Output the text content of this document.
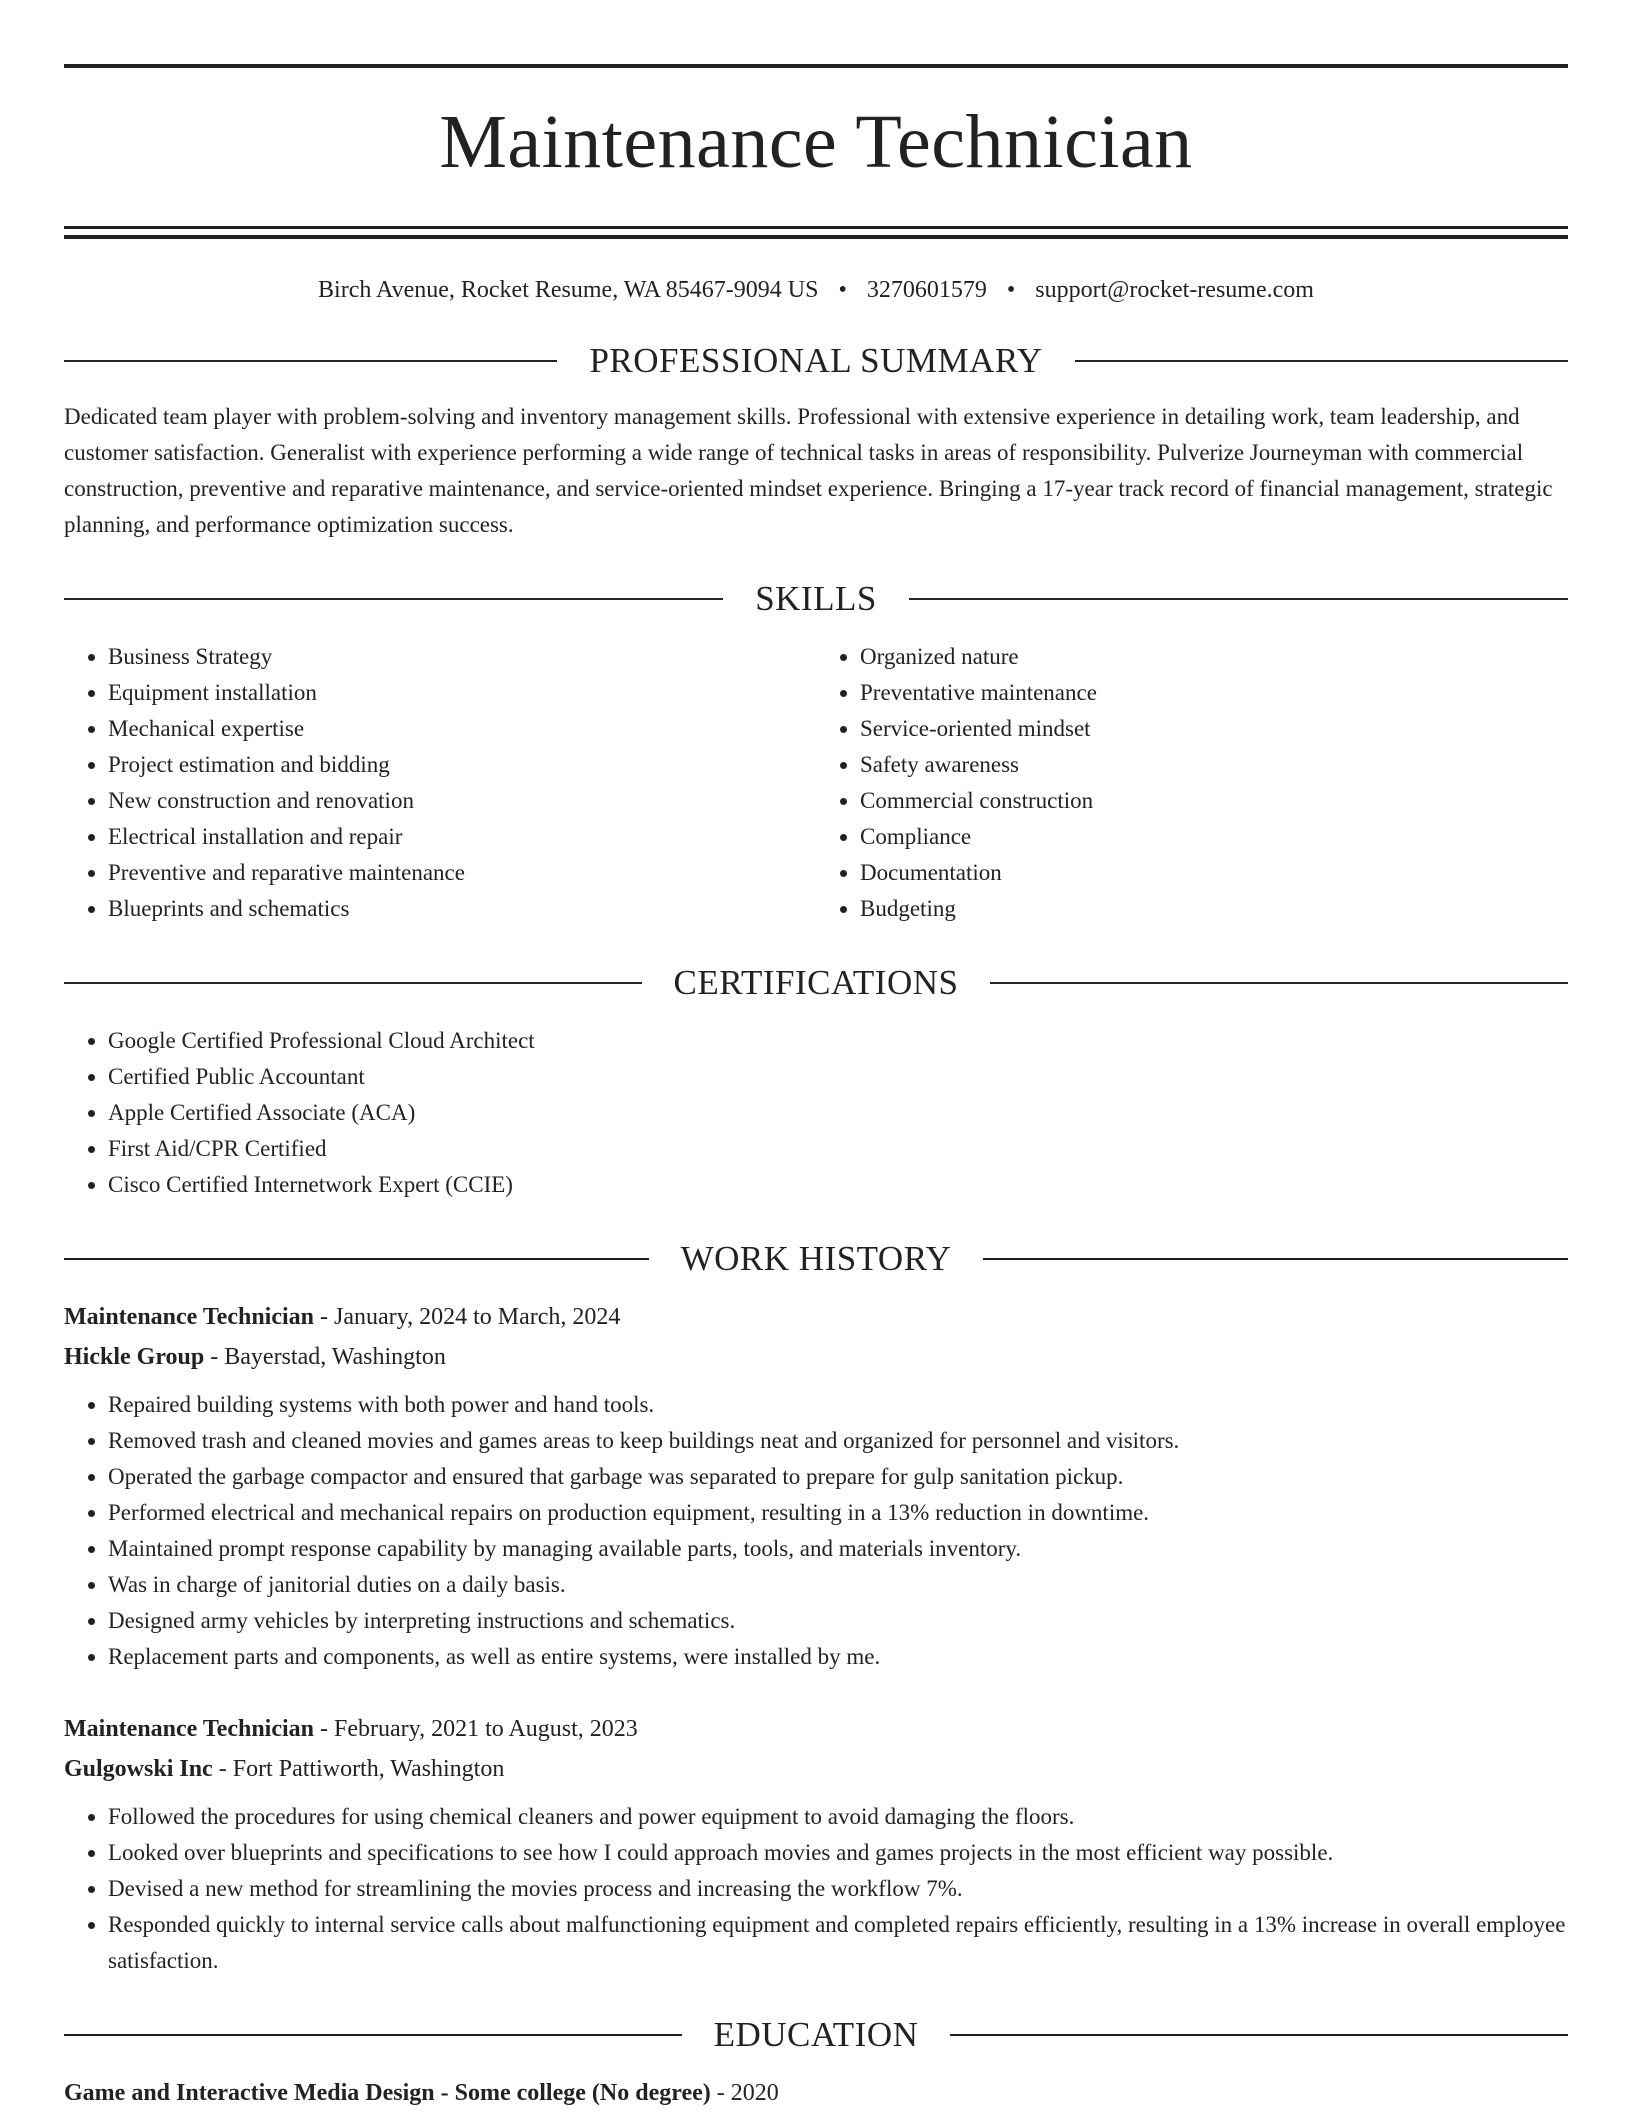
Maintenance Technician
Birch Avenue, Rocket Resume, WA 85467-9094 US • 3270601579 • support@rocket-resume.com
PROFESSIONAL SUMMARY
Dedicated team player with problem-solving and inventory management skills. Professional with extensive experience in detailing work, team leadership, and customer satisfaction. Generalist with experience performing a wide range of technical tasks in areas of responsibility. Pulverize Journeyman with commercial construction, preventive and reparative maintenance, and service-oriented mindset experience. Bringing a 17-year track record of financial management, strategic planning, and performance optimization success.
SKILLS
• Business Strategy
• Equipment installation
• Mechanical expertise
• Project estimation and bidding
• New construction and renovation
• Electrical installation and repair
• Preventive and reparative maintenance
• Blueprints and schematics
• Organized nature
• Preventative maintenance
• Service-oriented mindset
• Safety awareness
• Commercial construction
• Compliance
• Documentation
• Budgeting
CERTIFICATIONS
• Google Certified Professional Cloud Architect
• Certified Public Accountant
• Apple Certified Associate (ACA)
• First Aid/CPR Certified
• Cisco Certified Internetwork Expert (CCIE)
WORK HISTORY
Maintenance Technician - January, 2024 to March, 2024
Hickle Group - Bayerstad, Washington
• Repaired building systems with both power and hand tools.
• Removed trash and cleaned movies and games areas to keep buildings neat and organized for personnel and visitors.
• Operated the garbage compactor and ensured that garbage was separated to prepare for gulp sanitation pickup.
• Performed electrical and mechanical repairs on production equipment, resulting in a 13% reduction in downtime.
• Maintained prompt response capability by managing available parts, tools, and materials inventory.
• Was in charge of janitorial duties on a daily basis.
• Designed army vehicles by interpreting instructions and schematics.
• Replacement parts and components, as well as entire systems, were installed by me.
Maintenance Technician - February, 2021 to August, 2023
Gulgowski Inc - Fort Pattiworth, Washington
• Followed the procedures for using chemical cleaners and power equipment to avoid damaging the floors.
• Looked over blueprints and specifications to see how I could approach movies and games projects in the most efficient way possible.
• Devised a new method for streamlining the movies process and increasing the workflow 7%.
• Responded quickly to internal service calls about malfunctioning equipment and completed repairs efficiently, resulting in a 13% increase in overall employee satisfaction.
EDUCATION
Game and Interactive Media Design - Some college (No degree) - 2020
